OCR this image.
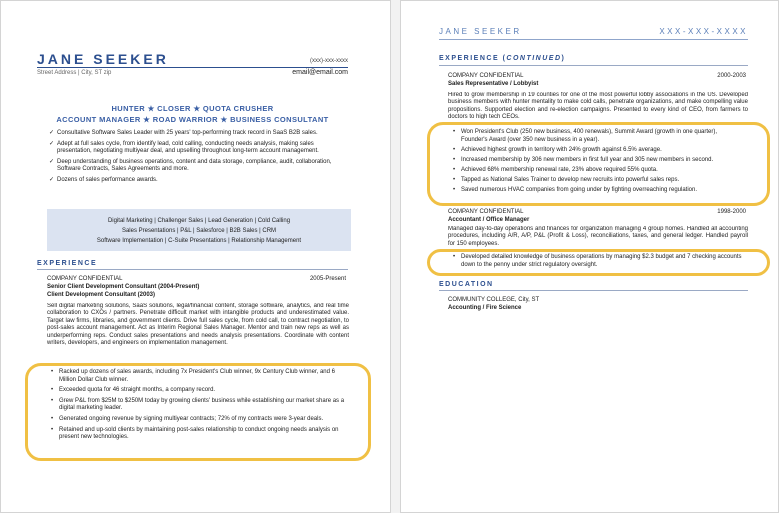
JANE SEEKER	(xxx)-xxx-xxxx
Street Address | City, ST zip	email@email.com
HUNTER ★ CLOSER ★ QUOTA CRUSHER
ACCOUNT MANAGER ★ ROAD WARRIOR ★ BUSINESS CONSULTANT
✓ Consultative Software Sales Leader with 25 years' top-performing track record in SaaS B2B sales.
✓ Adept at full sales cycle, from identify lead, cold calling, conducting needs analysis, making sales presentation, negotiating multiyear deal, and upselling throughout long-term account management.
✓ Deep understanding of business operations, content and data storage, compliance, audit, collaboration, Software Contracts, Sales Agreements and more.
✓ Dozens of sales performance awards.
Digital Marketing | Challenger Sales | Lead Generation | Cold Calling
Sales Presentations | P&L | Salesforce | B2B Sales | CRM
Software Implementation | C-Suite Presentations | Relationship Management
EXPERIENCE
COMPANY CONFIDENTIAL	2005-Present
Senior Client Development Consultant (2004-Present)
Client Development Consultant (2003)
Sell digital marketing solutions, SaaS solutions, legal/financial content, storage software, analytics, and real time collaboration to CXOs / partners. Penetrate difficult market with intangible products and underestimated value. Target law firms, libraries, and government clients. Drive full sales cycle, from cold call, to contract negotiation, to post-sales account management. Act as Interim Regional Sales Manager. Mentor and train new reps as well as underperforming reps. Conduct sales presentations and needs analysis presentations. Coordinate with content writers, developers, and engineers on implementation management.
• Racked up dozens of sales awards, including 7x President's Club winner, 9x Century Club winner, and 6 Million Dollar Club winner.
• Exceeded quota for 46 straight months, a company record.
• Grew P&L from $25M to $250M today by growing clients' business while establishing our market share as a digital marketing leader.
• Generated ongoing revenue by signing multiyear contracts; 72% of my contracts were 3-year deals.
• Retained and up-sold clients by maintaining post-sales relationship to conduct ongoing needs analysis on present new technologies.
JANE SEEKER	XXX-XXX-XXXX
EXPERIENCE (CONTINUED)
COMPANY CONFIDENTIAL	2000-2003
Sales Representative / Lobbyist
Hired to grow membership in 19 counties for one of the most powerful lobby associations in the US. Developed business members with hunter mentality to make cold calls, penetrate organizations, and make compelling value propositions. Supported election and re-election campaigns. Presented to every kind of CEO, from farmers to doctors to high tech CEOs.
• Won President's Club (250 new business, 400 renewals), Summit Award (growth in one quarter), Founder's Award (over 350 new business in a year).
• Achieved highest growth in territory with 24% growth against 6.5% average.
• Increased membership by 306 new members in first full year and 305 new members in second.
• Achieved 68% membership renewal rate, 23% above required 55% quota.
• Tapped as National Sales Trainer to develop new recruits into powerful sales reps.
• Saved numerous HVAC companies from going under by fighting overreaching regulation.
COMPANY CONFIDENTIAL	1998-2000
Accountant / Office Manager
Managed day-to-day operations and finances for organization managing 4 group homes. Handled all accounting procedures, including A/R, A/P, P&L (Profit & Loss), reconciliations, taxes, and general ledger. Handled payroll for 150 employees.
• Developed detailed knowledge of business operations by managing $2.3 budget and 7 checking accounts down to the penny under strict regulatory oversight.
EDUCATION
COMMUNITY COLLEGE, City, ST
Accounting / Fire Science
